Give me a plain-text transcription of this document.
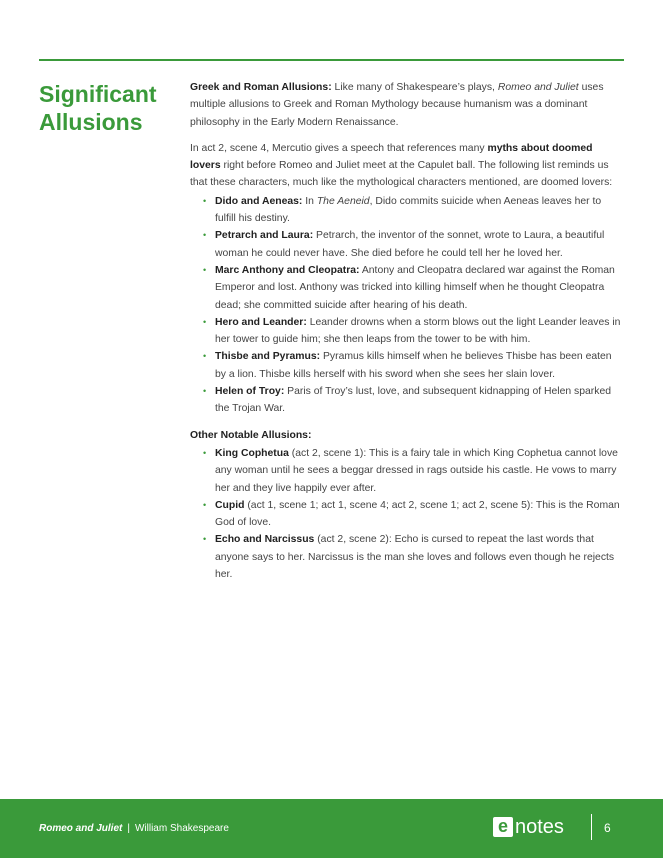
Significant
Allusions

Greek and Roman Allusions: Like many of Shakespeare’s plays, Romeo and Juliet uses multiple allusions to Greek and Roman Mythology because humanism was a dominant philosophy in the Early Modern Renaissance.

In act 2, scene 4, Mercutio gives a speech that references many myths about doomed lovers right before Romeo and Juliet meet at the Capulet ball. The following list reminds us that these characters, much like the mythological characters mentioned, are doomed lovers:

• Dido and Aeneas: In The Aeneid, Dido commits suicide when Aeneas leaves her to fulfill his destiny.
• Petrarch and Laura: Petrarch, the inventor of the sonnet, wrote to Laura, a beautiful woman he could never have. She died before he could tell her he loved her.
• Marc Anthony and Cleopatra: Antony and Cleopatra declared war against the Roman Emperor and lost. Anthony was tricked into killing himself when he thought Cleopatra dead; she committed suicide after hearing of his death.
• Hero and Leander: Leander drowns when a storm blows out the light Leander leaves in her tower to guide him; she then leaps from the tower to be with him.
• Thisbe and Pyramus: Pyramus kills himself when he believes Thisbe has been eaten by a lion. Thisbe kills herself with his sword when she sees her slain lover.
• Helen of Troy: Paris of Troy’s lust, love, and subsequent kidnapping of Helen sparked the Trojan War.

Other Notable Allusions:

• King Cophetua (act 2, scene 1): This is a fairy tale in which King Cophetua cannot love any woman until he sees a beggar dressed in rags outside his castle. He vows to marry her and they live happily ever after.
• Cupid (act 1, scene 1; act 1, scene 4; act 2, scene 1; act 2, scene 5): This is the Roman God of love.
• Echo and Narcissus (act 2, scene 2): Echo is cursed to repeat the last words that anyone says to her. Narcissus is the man she loves and follows even though he rejects her.
Romeo and Juliet | William Shakespeare	e notes	6
